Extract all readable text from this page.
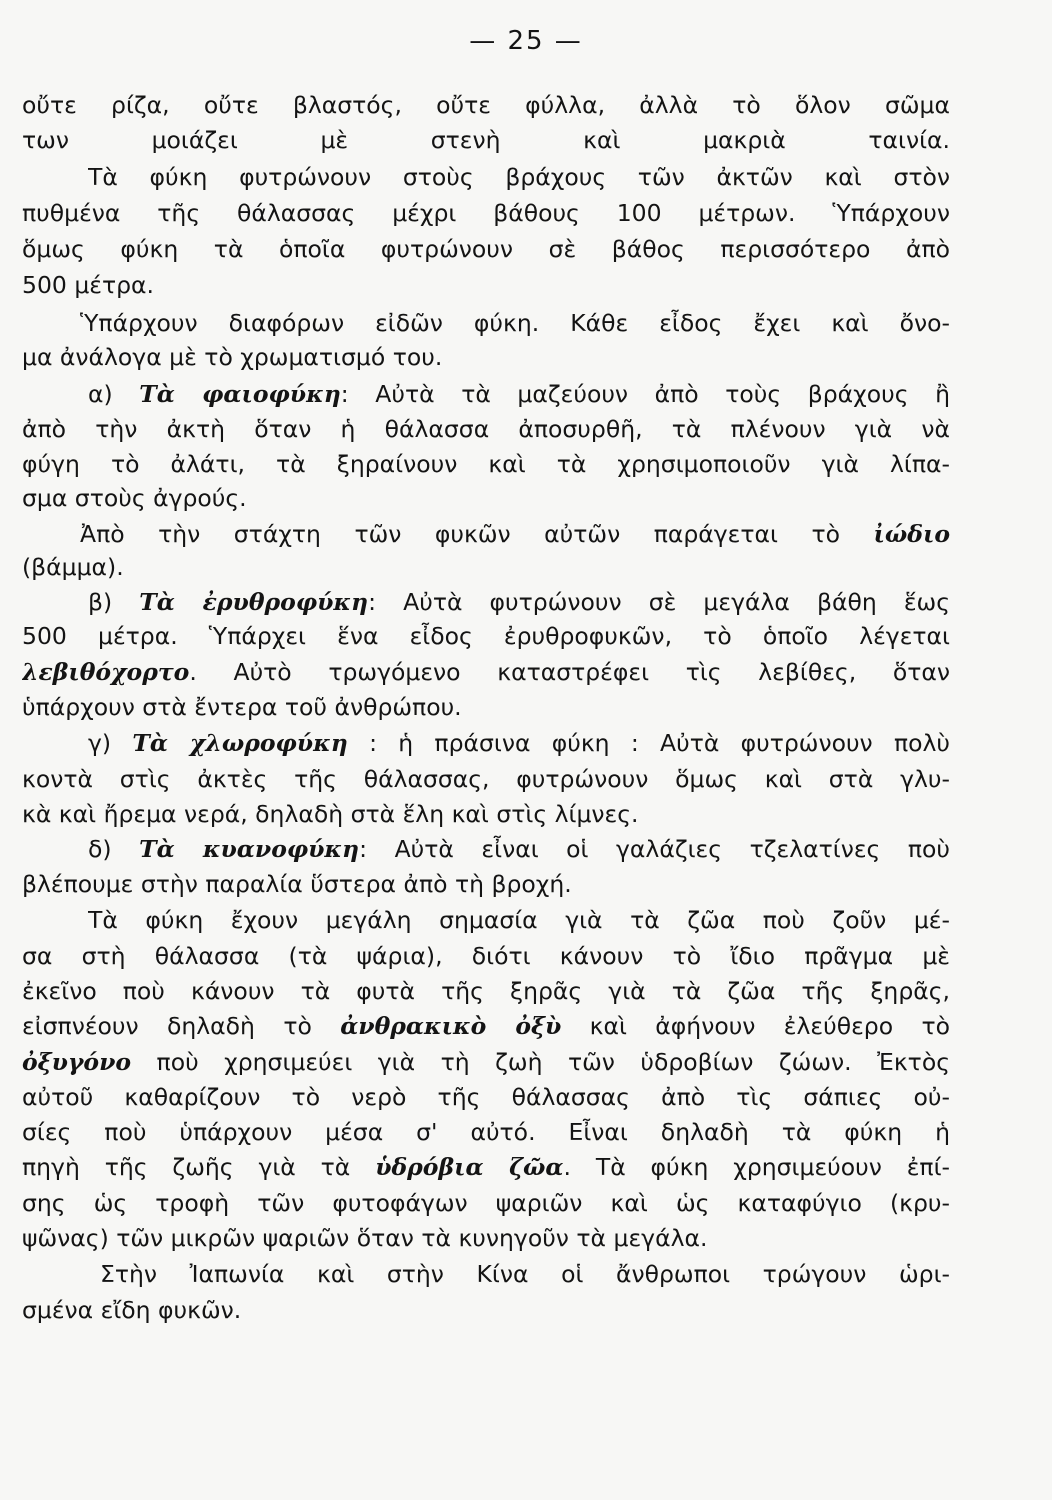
— 25 —
οὔτε ρίζα, οὔτε βλαστός, οὔτε φύλλα, ἀλλὰ τὸ ὅλον σῶμα
των μοιάζει μὲ στενὴ καὶ μακριὰ ταινία.
Τὰ φύκη φυτρώνουν στοὺς βράχους τῶν ἀκτῶν καὶ στὸν
πυθμένα τῆς θάλασσας μέχρι βάθους 100 μέτρων. Ὑπάρχουν
ὅμως φύκη τὰ ὁποῖα φυτρώνουν σὲ βάθος περισσότερο ἀπὸ
500 μέτρα.
Ὑπάρχουν διαφόρων εἰδῶν φύκη. Κάθε εἶδος ἔχει καὶ ὄνο-
μα ἀνάλογα μὲ τὸ χρωματισμό του.
α) Τὰ φαιοφύκη: Αὐτὰ τὰ μαζεύουν ἀπὸ τοὺς βράχους ἢ
ἀπὸ τὴν ἀκτὴ ὅταν ἡ θάλασσα ἀποσυρθῆ, τὰ πλένουν γιὰ νὰ
φύγη τὸ ἀλάτι, τὰ ξηραίνουν καὶ τὰ χρησιμοποιοῦν γιὰ λίπα-
σμα στοὺς ἀγρούς.
Ἀπὸ τὴν στάχτη τῶν φυκῶν αὐτῶν παράγεται τὸ ἰώδιο
(βάμμα).
β) Τὰ ἐρυθροφύκη: Αὐτὰ φυτρώνουν σὲ μεγάλα βάθη ἕως
500 μέτρα. Ὑπάρχει ἕνα εἶδος ἐρυθροφυκῶν, τὸ ὁποῖο λέγεται
λεβιθόχορτο. Αὐτὸ τρωγόμενο καταστρέφει τὶς λεβίθες, ὅταν
ὑπάρχουν στὰ ἔντερα τοῦ ἀνθρώπου.
γ) Τὰ χλωροφύκη : ἡ πράσινα φύκη : Αὐτὰ φυτρώνουν πολὺ
κοντὰ στὶς ἀκτὲς τῆς θάλασσας, φυτρώνουν ὅμως καὶ στὰ γλυ-
κὰ καὶ ἤρεμα νερά, δηλαδὴ στὰ ἕλη καὶ στὶς λίμνες.
δ) Τὰ κυανοφύκη: Αὐτὰ εἶναι οἱ γαλάζιες τζελατίνες ποὺ
βλέπουμε στὴν παραλία ὕστερα ἀπὸ τὴ βροχή.
Τὰ φύκη ἔχουν μεγάλη σημασία γιὰ τὰ ζῶα ποὺ ζοῦν μέ-
σα στὴ θάλασσα (τὰ ψάρια), διότι κάνουν τὸ ἴδιο πρᾶγμα μὲ
ἐκεῖνο ποὺ κάνουν τὰ φυτὰ τῆς ξηρᾶς γιὰ τὰ ζῶα τῆς ξηρᾶς,
εἰσπνέουν δηλαδὴ τὸ ἀνθρακικὸ ὀξὺ καὶ ἀφήνουν ἐλεύθερο τὸ
ὀξυγόνο ποὺ χρησιμεύει γιὰ τὴ ζωὴ τῶν ὑδροβίων ζώων. Ἐκτὸς
αὐτοῦ καθαρίζουν τὸ νερὸ τῆς θάλασσας ἀπὸ τὶς σάπιες οὐ-
σίες ποὺ ὑπάρχουν μέσα σ' αὐτό. Εἶναι δηλαδὴ τὰ φύκη ἡ
πηγὴ τῆς ζωῆς γιὰ τὰ ὑδρόβια ζῶα. Τὰ φύκη χρησιμεύουν ἐπί-
σης ὡς τροφὴ τῶν φυτοφάγων ψαριῶν καὶ ὡς καταφύγιο (κρυ-
ψῶνας) τῶν μικρῶν ψαριῶν ὅταν τὰ κυνηγοῦν τὰ μεγάλα.
Στὴν Ἰαπωνία καὶ στὴν Κίνα οἱ ἄνθρωποι τρώγουν ὡρι-
σμένα εἴδη φυκῶν.
